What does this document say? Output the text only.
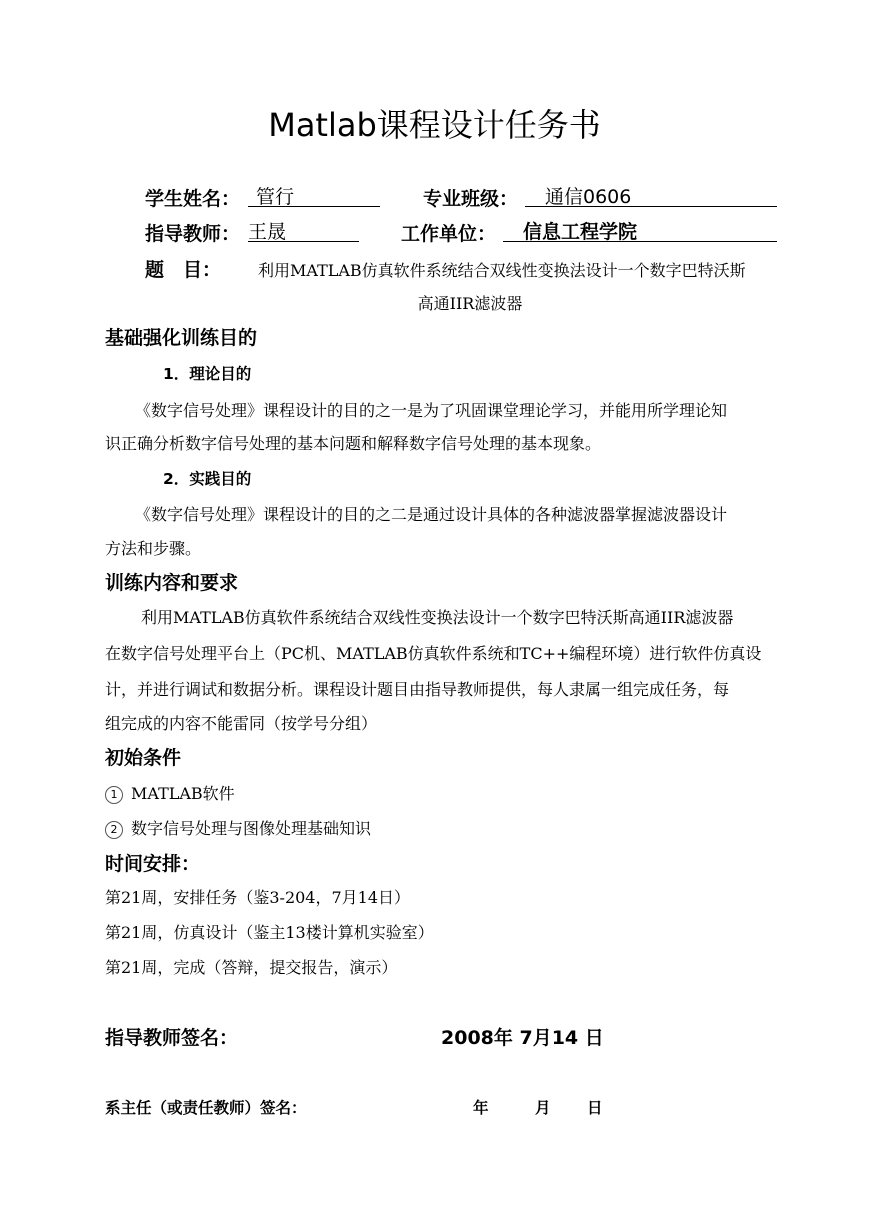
Matlab课程设计任务书
学生姓名： 管行	专业班级：	通信0606
指导教师： 王晟	工作单位：	信息工程学院
题　目： 利用MATLAB仿真软件系统结合双线性变换法设计一个数字巴特沃斯
高通IIR滤波器
基础强化训练目的
1．理论目的
《数字信号处理》课程设计的目的之一是为了巩固课堂理论学习，并能用所学理论知
识正确分析数字信号处理的基本问题和解释数字信号处理的基本现象。
2．实践目的
《数字信号处理》课程设计的目的之二是通过设计具体的各种滤波器掌握滤波器设计
方法和步骤。
训练内容和要求
利用MATLAB仿真软件系统结合双线性变换法设计一个数字巴特沃斯高通IIR滤波器
在数字信号处理平台上（PC机、MATLAB仿真软件系统和TC++编程环境）进行软件仿真设
计，并进行调试和数据分析。课程设计题目由指导教师提供，每人隶属一组完成任务，每
组完成的内容不能雷同（按学号分组）
初始条件
1 MATLAB软件
2 数字信号处理与图像处理基础知识
时间安排：
第21周，安排任务（鉴3-204，7月14日）
第21周，仿真设计（鉴主13楼计算机实验室）
第21周，完成（答辩，提交报告，演示）
指导教师签名：	2008年 7月14 日
系主任（或责任教师）签名：	年	月 日
